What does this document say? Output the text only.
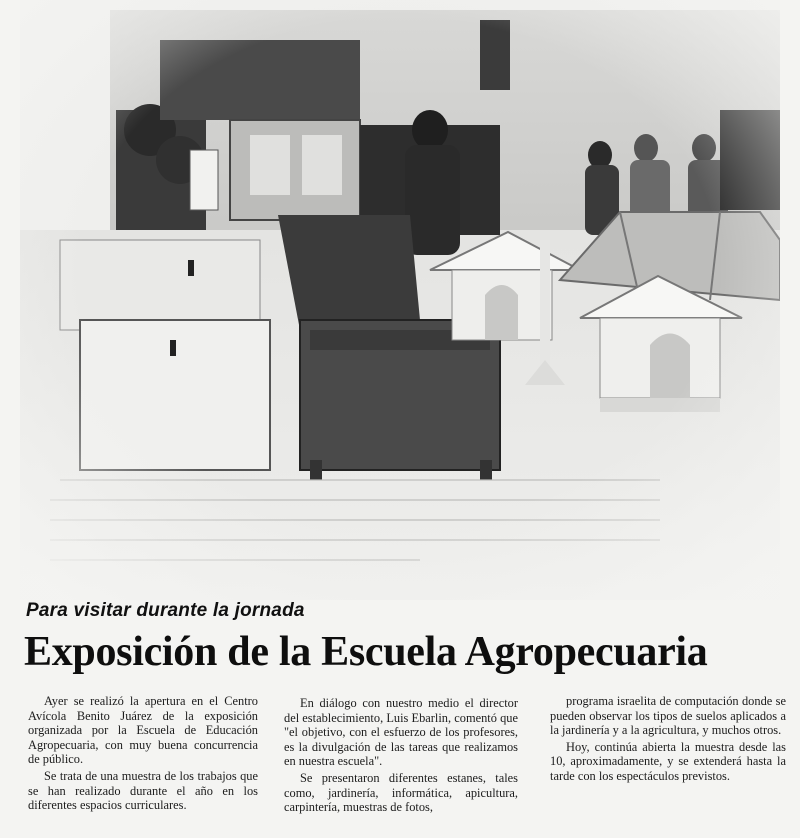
Para visitar durante la jornada
Exposición de la Escuela Agropecuaria

Ayer se realizó la apertura en el Centro Avícola Benito Juárez de la exposición organizada por la Escuela de Educación Agropecuaria, con muy buena concurrencia de público.

Se trata de una muestra de los trabajos que se han realizado durante el año en los diferentes espacios curriculares.

En diálogo con nuestro medio el director del establecimiento, Luis Ebarlin, comentó que "el objetivo, con el esfuerzo de los profesores, es la divulgación de las tareas que realizamos en nuestra escuela".

Se presentaron diferentes estanes, tales como, jardinería, informática, apicultura, carpintería, muestras de fotos,

programa israelita de computación donde se pueden observar los tipos de suelos aplicados a la jardinería y a la agricultura, y muchos otros.

Hoy, continúa abierta la muestra desde las 10, aproximadamente, y se extenderá hasta la tarde con los espectáculos previstos.
